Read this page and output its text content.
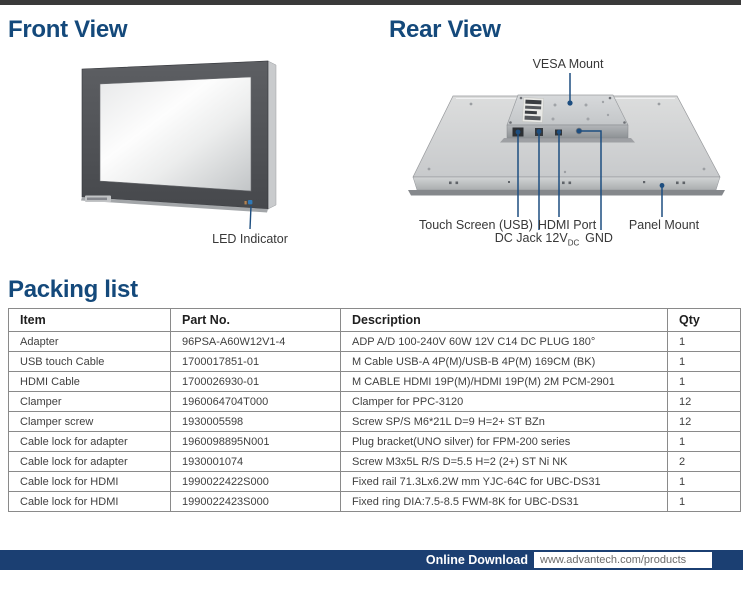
Front View	Rear View
LED Indicator
VESA Mount
Touch Screen (USB) HDMI Port	Panel Mount
DC Jack $12V_{DC}$ GND
Packing list
Item	Part No.	Description	Qty
Adapter	96PSA-A60W12V1-4	ADP A/D 100-240V 60W 12V C14 DC PLUG 180°	1
USB touch Cable	1700017851-01	M Cable USB-A 4P(M)/USB-B 4P(M) 169CM (BK)	1
HDMI Cable	1700026930-01	M CABLE HDMI 19P(M)/HDMI 19P(M) 2M PCM-2901	1
Clamper	1960064704T000	Clamper for PPC-3120	12
Clamper screw	1930005598	Screw SP/S M6*21L D=9 H=2+ ST BZn	12
Cable lock for adapter	1960098895N001	Plug bracket(UNO silver) for FPM-200 series	1
Cable lock for adapter	1930001074	Screw M3x5L R/S D=5.5 H=2 (2+) ST Ni NK	2
Cable lock for HDMI	1990022422S000	Fixed rail 71.3Lx6.2W mm YJC-64C for UBC-DS31	1
Cable lock for HDMI	1990022423S000	Fixed ring DIA:7.5-8.5 FWM-8K for UBC-DS31	1
Online Download	www.advantech.com/products
